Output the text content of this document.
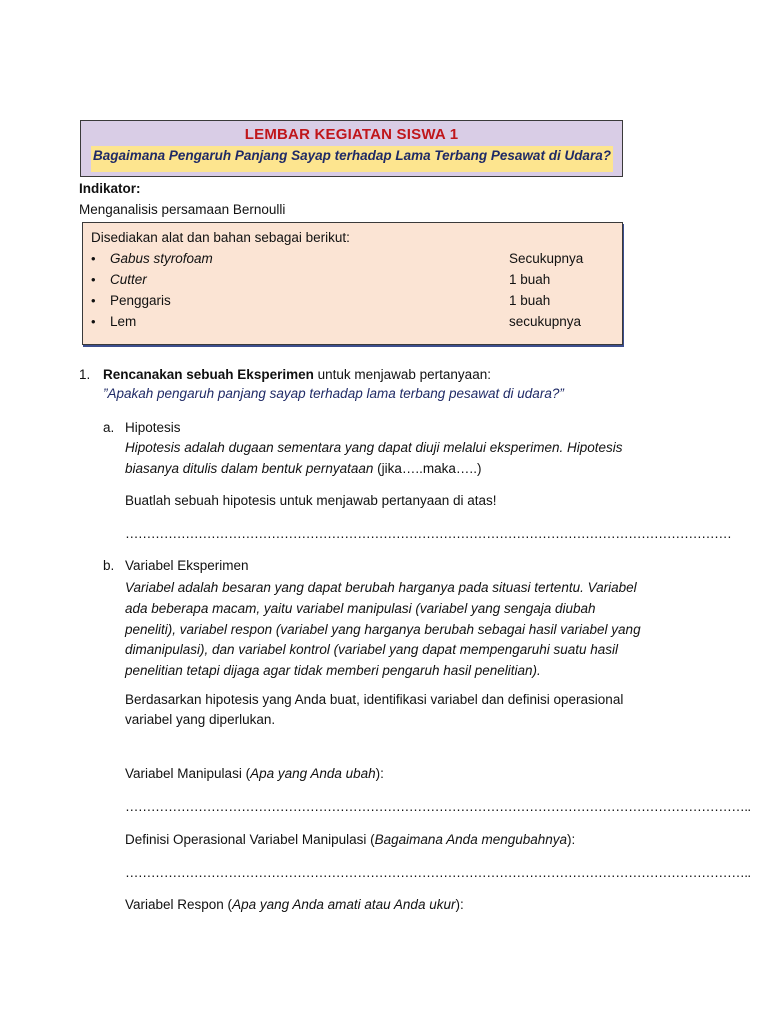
LEMBAR KEGIATAN SISWA 1
Bagaimana Pengaruh Panjang Sayap terhadap Lama Terbang Pesawat di Udara?
Indikator:
Menganalisis persamaan Bernoulli
Disediakan alat dan bahan sebagai berikut:
• Gabus styrofoam	Secukupnya
• Cutter	1 buah
• Penggaris	1 buah
• Lem	secukupnya
1. Rencanakan sebuah Eksperimen untuk menjawab pertanyaan:
”Apakah pengaruh panjang sayap terhadap lama terbang pesawat di udara?”
a. Hipotesis
Hipotesis adalah dugaan sementara yang dapat diuji melalui eksperimen. Hipotesis
biasanya ditulis dalam bentuk pernyataan (jika…..maka…..)
Buatlah sebuah hipotesis untuk menjawab pertanyaan di atas!
……………………………………………………………………………………………………………………………
b. Variabel Eksperimen
Variabel adalah besaran yang dapat berubah harganya pada situasi tertentu. Variabel
ada beberapa macam, yaitu variabel manipulasi (variabel yang sengaja diubah
peneliti), variabel respon (variabel yang harganya berubah sebagai hasil variabel yang
dimanipulasi), dan variabel kontrol (variabel yang dapat mempengaruhi suatu hasil
penelitian tetapi dijaga agar tidak memberi pengaruh hasil penelitian).
Berdasarkan hipotesis yang Anda buat, identifikasi variabel dan definisi operasional
variabel yang diperlukan.
Variabel Manipulasi (Apa yang Anda ubah):
………………………………………………………………………………………………………………………………..
Definisi Operasional Variabel Manipulasi (Bagaimana Anda mengubahnya):
………………………………………………………………………………………………………………………………..
Variabel Respon (Apa yang Anda amati atau Anda ukur):
